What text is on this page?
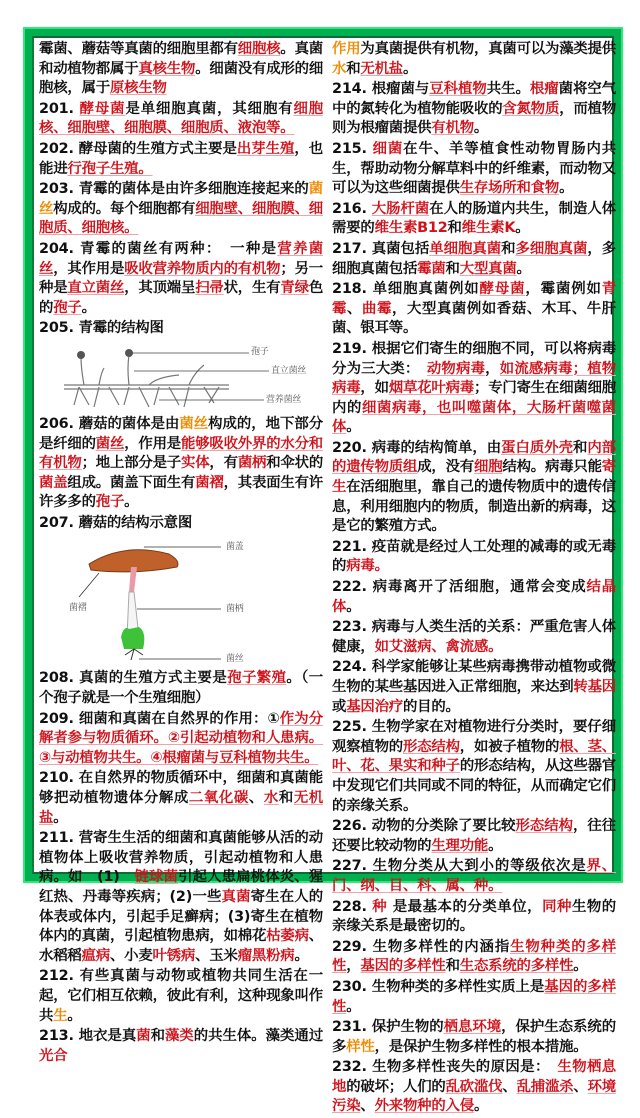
霉菌、蘑菇等真菌的细胞里都有细胞核。真菌和动植物都属于真核生物。细菌没有成形的细胞核，属于原核生物
201. 酵母菌是单细胞真菌，其细胞有细胞核、细胞壁、细胞膜、细胞质、液泡等。
202. 酵母菌的生殖方式主要是出芽生殖，也能进行孢子生殖。
203. 青霉的菌体是由许多细胞连接起来的菌丝构成的。每个细胞都有细胞壁、细胞膜、细胞质、细胞核。
204. 青霉的菌丝有两种：　一种是营养菌丝，其作用是吸收营养物质内的有机物；另一种是直立菌丝，其顶端呈扫帚状，生有青绿色的孢子。
205. 青霉的结构图
孢子
直立菌丝
营养菌丝
206. 蘑菇的菌体是由菌丝构成的，地下部分是纤细的菌丝，作用是能够吸收外界的水分和有机物；地上部分是子实体，有菌柄和伞状的菌盖组成。菌盖下面生有菌褶，其表面生有许许多多的孢子。
207. 蘑菇的结构示意图
菌盖
菌褶	菌柄
菌丝
208. 真菌的生殖方式主要是孢子繁殖。（一个孢子就是一个生殖细胞）
209. 细菌和真菌在自然界的作用：①作为分解者参与物质循环。②引起动植物和人患病。③与动植物共生。④根瘤菌与豆科植物共生。
210. 在自然界的物质循环中，细菌和真菌能够把动植物遗体分解成二氧化碳、水和无机盐。
211. 营寄生生活的细菌和真菌能够从活的动植物体上吸收营养物质，引起动植物和人患病。如　(1)　链球菌引起人患扁桃体炎、猩红热、丹毒等疾病；(2)一些真菌寄生在人的体表或体内，引起手足癣病；(3)寄生在植物体内的真菌，引起植物患病，如棉花枯萎病、水稻稻瘟病、小麦叶锈病、玉米瘤黑粉病。
212. 有些真菌与动物或植物共同生活在一起，它们相互依赖，彼此有利，这种现象叫作共生。
213. 地衣是真菌和藻类的共生体。藻类通过光合
作用为真菌提供有机物，真菌可以为藻类提供水和无机盐。
214. 根瘤菌与豆科植物共生。根瘤菌将空气中的氮转化为植物能吸收的含氮物质，而植物则为根瘤菌提供有机物。
215. 细菌在牛、羊等植食性动物胃肠内共生，帮助动物分解草料中的纤维素，而动物又可以为这些细菌提供生存场所和食物。
216. 大肠杆菌在人的肠道内共生，制造人体需要的维生素B12和维生素K。
217. 真菌包括单细胞真菌和多细胞真菌，多细胞真菌包括霉菌和大型真菌。
218. 单细胞真菌例如酵母菌，霉菌例如青霉、曲霉，大型真菌例如香菇、木耳、牛肝菌、银耳等。
219. 根据它们寄生的细胞不同，可以将病毒分为三大类：　动物病毒，如流感病毒；植物病毒，如烟草花叶病毒；专门寄生在细菌细胞内的细菌病毒，也叫噬菌体，大肠杆菌噬菌体。
220. 病毒的结构简单，由蛋白质外壳和内部的遗传物质组成，没有细胞结构。病毒只能寄生在活细胞里，靠自己的遗传物质中的遗传信息，利用细胞内的物质，制造出新的病毒，这是它的繁殖方式。
221. 疫苗就是经过人工处理的减毒的或无毒的病毒。
222. 病毒离开了活细胞，通常会变成结晶体。
223. 病毒与人类生活的关系：严重危害人体健康，如艾滋病、禽流感。
224. 科学家能够让某些病毒携带动植物或微生物的某些基因进入正常细胞，来达到转基因或基因治疗的目的。
225. 生物学家在对植物进行分类时，要仔细观察植物的形态结构，如被子植物的根、茎、叶、花、果实和种子的形态结构，从这些器官中发现它们共同或不同的特征，从而确定它们的亲缘关系。
226. 动物的分类除了要比较形态结构，往往还要比较动物的生理功能。
227. 生物分类从大到小的等级依次是界、门、纲、目、科、属、种。
228. 种 是最基本的分类单位，同种生物的亲缘关系是最密切的。
229. 生物多样性的内涵指生物种类的多样性，基因的多样性和生态系统的多样性。
230. 生物种类的多样性实质上是基因的多样性。
231. 保护生物的栖息环境，保护生态系统的多样性，是保护生物多样性的根本措施。
232. 生物多样性丧失的原因是：　生物栖息地的破坏；人们的乱砍滥伐、乱捕滥杀、环境污染、外来物种的入侵。
